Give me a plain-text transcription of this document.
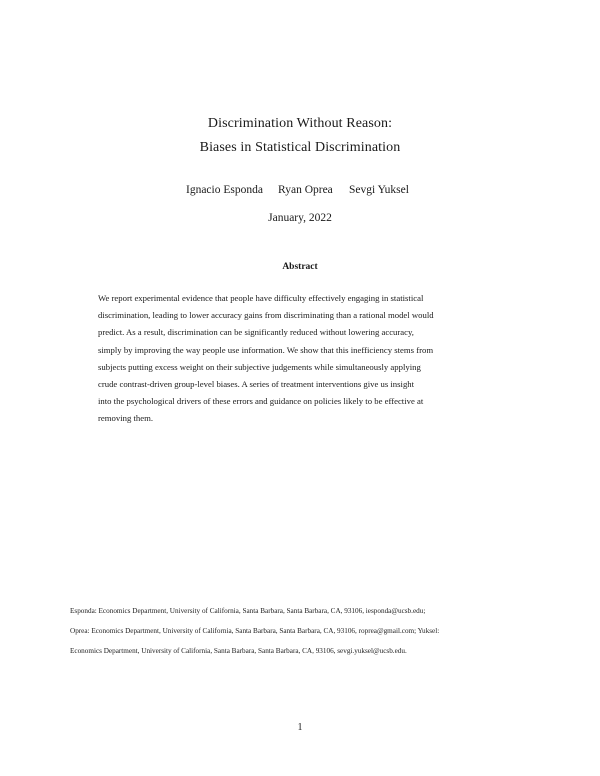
Discrimination Without Reason:
Biases in Statistical Discrimination
Ignacio Esponda Ryan Oprea Sevgi Yuksel
January, 2022
Abstract
We report experimental evidence that people have difficulty effectively engaging in statistical
discrimination, leading to lower accuracy gains from discriminating than a rational model would
predict. As a result, discrimination can be significantly reduced without lowering accuracy,
simply by improving the way people use information. We show that this inefficiency stems from
subjects putting excess weight on their subjective judgements while simultaneously applying
crude contrast-driven group-level biases. A series of treatment interventions give us insight
into the psychological drivers of these errors and guidance on policies likely to be effective at
removing them.
Esponda: Economics Department, University of California, Santa Barbara, Santa Barbara, CA, 93106, iesponda@ucsb.edu;
Oprea: Economics Department, University of California, Santa Barbara, Santa Barbara, CA, 93106, roprea@gmail.com; Yuksel:
Economics Department, University of California, Santa Barbara, Santa Barbara, CA, 93106, sevgi.yuksel@ucsb.edu.
1
